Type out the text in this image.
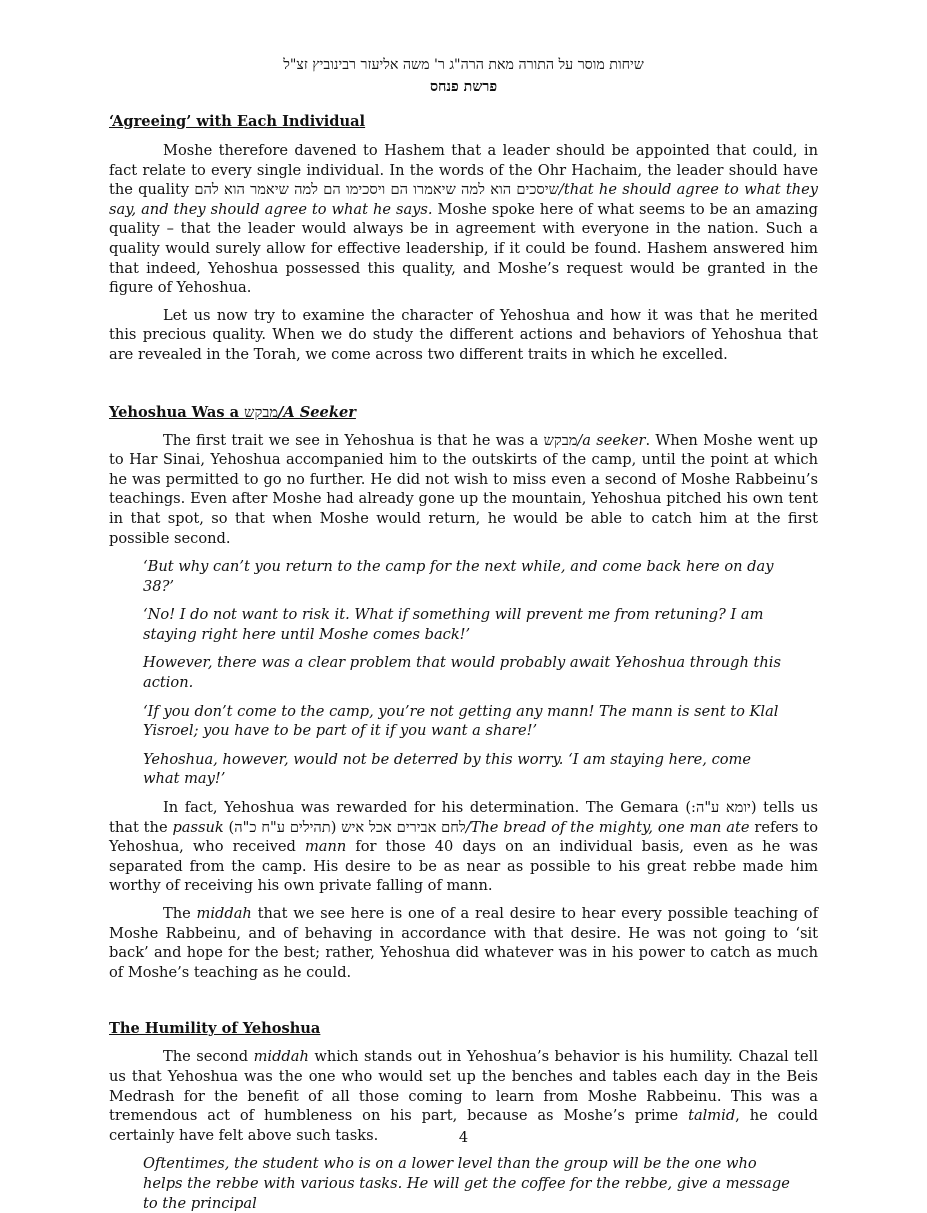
שיחות מוסר על התורה מאת הרה"ג ר' משה אליעזר רבינוביץ זצ"ל
פרשת פנחס
‘Agreeing’ with Each Individual

Moshe therefore davened to Hashem that a leader should be appointed that could, in fact relate to every single individual. In the words of the Ohr Hachaim, the leader should have the quality שיסכים הוא למה שיאמרו הם ויסכימו הם למה שיאמר הוא להם/that he should agree to what they say, and they should agree to what he says. Moshe spoke here of what seems to be an amazing quality – that the leader would always be in agreement with everyone in the nation. Such a quality would surely allow for effective leadership, if it could be found. Hashem answered him that indeed, Yehoshua possessed this quality, and Moshe’s request would be granted in the figure of Yehoshua.

Let us now try to examine the character of Yehoshua and how it was that he merited this precious quality. When we do study the different actions and behaviors of Yehoshua that are revealed in the Torah, we come across two different traits in which he excelled.

Yehoshua Was a מבקש/A Seeker

The first trait we see in Yehoshua is that he was a מבקש/a seeker. When Moshe went up to Har Sinai, Yehoshua accompanied him to the outskirts of the camp, until the point at which he was permitted to go no further. He did not wish to miss even a second of Moshe Rabbeinu’s teachings. Even after Moshe had already gone up the mountain, Yehoshua pitched his own tent in that spot, so that when Moshe would return, he would be able to catch him at the first possible second.

‘But why can’t you return to the camp for the next while, and come back here on day 38?’

‘No! I do not want to risk it. What if something will prevent me from retuning? I am staying right here until Moshe comes back!’

However, there was a clear problem that would probably await Yehoshua through this action.

‘If you don’t come to the camp, you’re not getting any mann! The mann is sent to Klal Yisroel; you have to be part of it if you want a share!’

Yehoshua, however, would not be deterred by this worry. ‘I am staying here, come what may!’

In fact, Yehoshua was rewarded for his determination. The Gemara (יומא ע"ה:) tells us that the passuk (תהילים ע"ח כ"ה) לחם אבירים אכל איש/The bread of the mighty, one man ate refers to Yehoshua, who received mann for those 40 days on an individual basis, even as he was separated from the camp. His desire to be as near as possible to his great rebbe made him worthy of receiving his own private falling of mann.

The middah that we see here is one of a real desire to hear every possible teaching of Moshe Rabbeinu, and of behaving in accordance with that desire. He was not going to ‘sit back’ and hope for the best; rather, Yehoshua did whatever was in his power to catch as much of Moshe’s teaching as he could.

The Humility of Yehoshua

The second middah which stands out in Yehoshua’s behavior is his humility. Chazal tell us that Yehoshua was the one who would set up the benches and tables each day in the Beis Medrash for the benefit of all those coming to learn from Moshe Rabbeinu. This was a tremendous act of humbleness on his part, because as Moshe’s prime talmid, he could certainly have felt above such tasks.

Oftentimes, the student who is on a lower level than the group will be the one who helps the rebbe with various tasks. He will get the coffee for the rebbe, give a message to the principal

4
